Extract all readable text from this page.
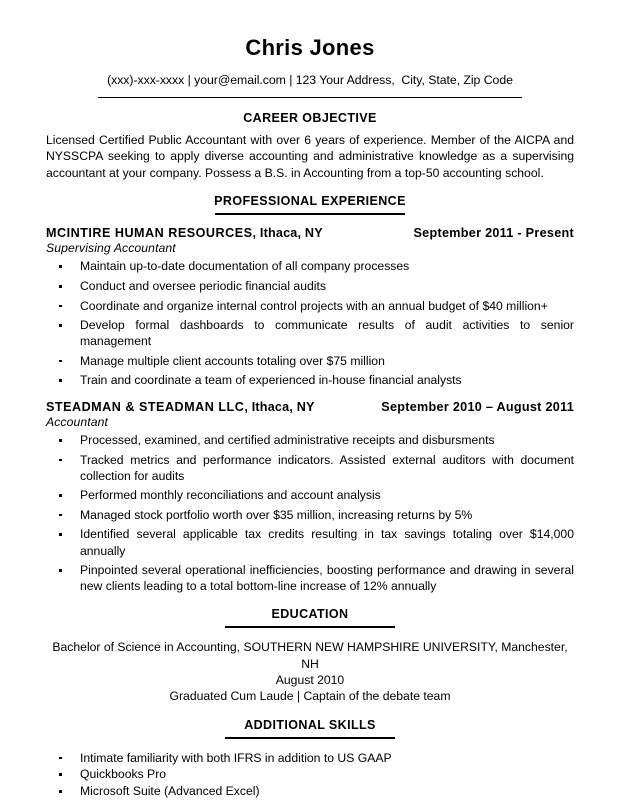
Chris Jones
(xxx)-xxx-xxxx | your@email.com | 123 Your Address,  City, State, Zip Code
CAREER OBJECTIVE
Licensed Certified Public Accountant with over 6 years of experience. Member of the AICPA and NYSSCPA seeking to apply diverse accounting and administrative knowledge as a supervising accountant at your company. Possess a B.S. in Accounting from a top-50 accounting school.
PROFESSIONAL EXPERIENCE
MCINTIRE HUMAN RESOURCES, Ithaca, NY	September 2011 - Present
Supervising Accountant
Maintain up-to-date documentation of all company processes
Conduct and oversee periodic financial audits
Coordinate and organize internal control projects with an annual budget of $40 million+
Develop formal dashboards to communicate results of audit activities to senior management
Manage multiple client accounts totaling over $75 million
Train and coordinate a team of experienced in-house financial analysts
STEADMAN & STEADMAN LLC, Ithaca, NY	September 2010 – August 2011
Accountant
Processed, examined, and certified administrative receipts and disbursments
Tracked metrics and performance indicators. Assisted external auditors with document collection for audits
Performed monthly reconciliations and account analysis
Managed stock portfolio worth over $35 million, increasing returns by 5%
Identified several applicable tax credits resulting in tax savings totaling over $14,000 annually
Pinpointed several operational inefficiencies, boosting performance and drawing in several new clients leading to a total bottom-line increase of 12% annually
EDUCATION
Bachelor of Science in Accounting, SOUTHERN NEW HAMPSHIRE UNIVERSITY, Manchester, NH
August 2010
Graduated Cum Laude | Captain of the debate team
ADDITIONAL SKILLS
Intimate familiarity with both IFRS in addition to US GAAP
Quickbooks Pro
Microsoft Suite (Advanced Excel)
